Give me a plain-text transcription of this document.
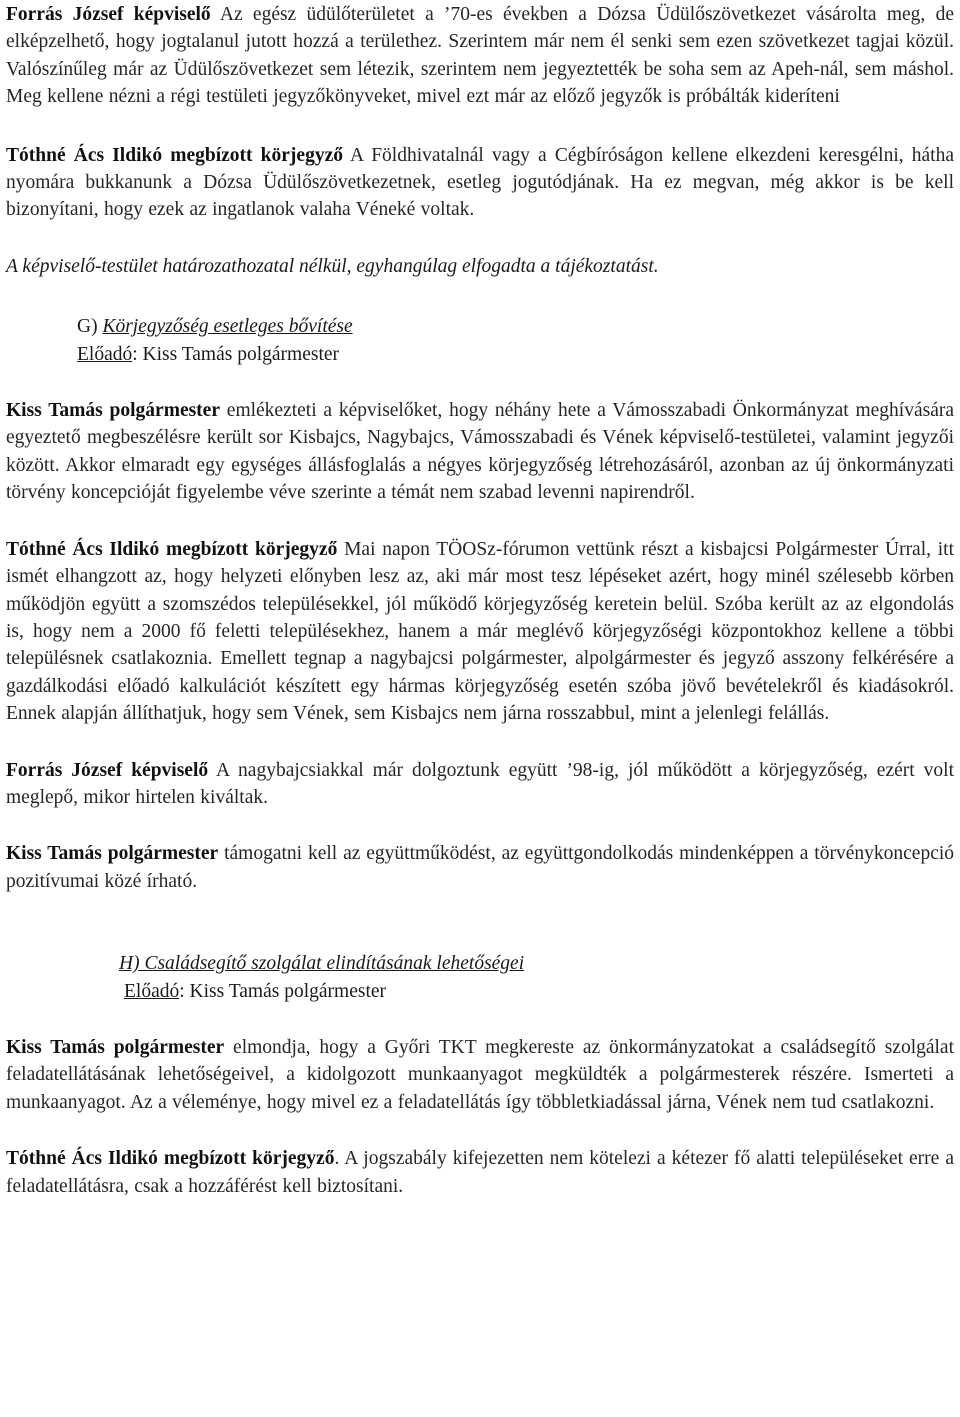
Forrás József képviselő Az egész üdülőterületet a ’70-es években a Dózsa Üdülőszövetkezet vásárolta meg, de elképzelhető, hogy jogtalanul jutott hozzá a területhez. Szerintem már nem él senki sem ezen szövetkezet tagjai közül. Valószínűleg már az Üdülőszövetkezet sem létezik, szerintem nem jegyeztették be soha sem az Apeh-nál, sem máshol. Meg kellene nézni a régi testületi jegyzőkönyveket, mivel ezt már az előző jegyzők is próbálták kideríteni

Tóthné Ács Ildikó megbízott körjegyző A Földhivatalnál vagy a Cégbíróságon kellene elkezdeni keresgélni, hátha nyomára bukkanunk a Dózsa Üdülőszövetkezetnek, esetleg jogutódjának. Ha ez megvan, még akkor is be kell bizonyítani, hogy ezek az ingatlanok valaha Véneké voltak.

A képviselő-testület határozathozatal nélkül, egyhangúlag elfogadta a tájékoztatást.

G) Körjegyzőség esetleges bővítése

Előadó: Kiss Tamás polgármester

Kiss Tamás polgármester emlékezteti a képviselőket, hogy néhány hete a Vámosszabadi Önkormányzat meghívására egyeztető megbeszélésre került sor Kisbajcs, Nagybajcs, Vámosszabadi és Vének képviselő-testületei, valamint jegyzői között. Akkor elmaradt egy egységes állásfoglalás a négyes körjegyzőség létrehozásáról, azonban az új önkormányzati törvény koncepcióját figyelembe véve szerinte a témát nem szabad levenni napirendről.

Tóthné Ács Ildikó megbízott körjegyző Mai napon TÖOSz-fórumon vettünk részt a kisbajcsi Polgármester Úrral, itt ismét elhangzott az, hogy helyzeti előnyben lesz az, aki már most tesz lépéseket azért, hogy minél szélesebb körben működjön együtt a szomszédos településekkel, jól működő körjegyzőség keretein belül. Szóba került az az elgondolás is, hogy nem a 2000 fő feletti településekhez, hanem a már meglévő körjegyzőségi központokhoz kellene a többi településnek csatlakoznia. Emellett tegnap a nagybajcsi polgármester, alpolgármester és jegyző asszony felkérésére a gazdálkodási előadó kalkulációt készített egy hármas körjegyzőség esetén szóba jövő bevételekről és kiadásokról. Ennek alapján állíthatjuk, hogy sem Vének, sem Kisbajcs nem járna rosszabbul, mint a jelenlegi felállás.

Forrás József képviselő A nagybajcsiakkal már dolgoztunk együtt ’98-ig, jól működött a körjegyzőség, ezért volt meglepő, mikor hirtelen kiváltak.

Kiss Tamás polgármester támogatni kell az együttműködést, az együttgondolkodás mindenképpen a törvénykoncepció pozitívumai közé írható.

H) Családsegítő szolgálat elindításának lehetőségei

Előadó: Kiss Tamás polgármester

Kiss Tamás polgármester elmondja, hogy a Győri TKT megkereste az önkormányzatokat a családsegítő szolgálat feladatellátásának lehetőségeivel, a kidolgozott munkaanyagot megküldték a polgármesterek részére. Ismerteti a munkaanyagot. Az a véleménye, hogy mivel ez a feladatellátás így többletkiadással járna, Vének nem tud csatlakozni.

Tóthné Ács Ildikó megbízott körjegyző. A jogszabály kifejezetten nem kötelezi a kétezer fő alatti településeket erre a feladatellátásra, csak a hozzáférést kell biztosítani.
